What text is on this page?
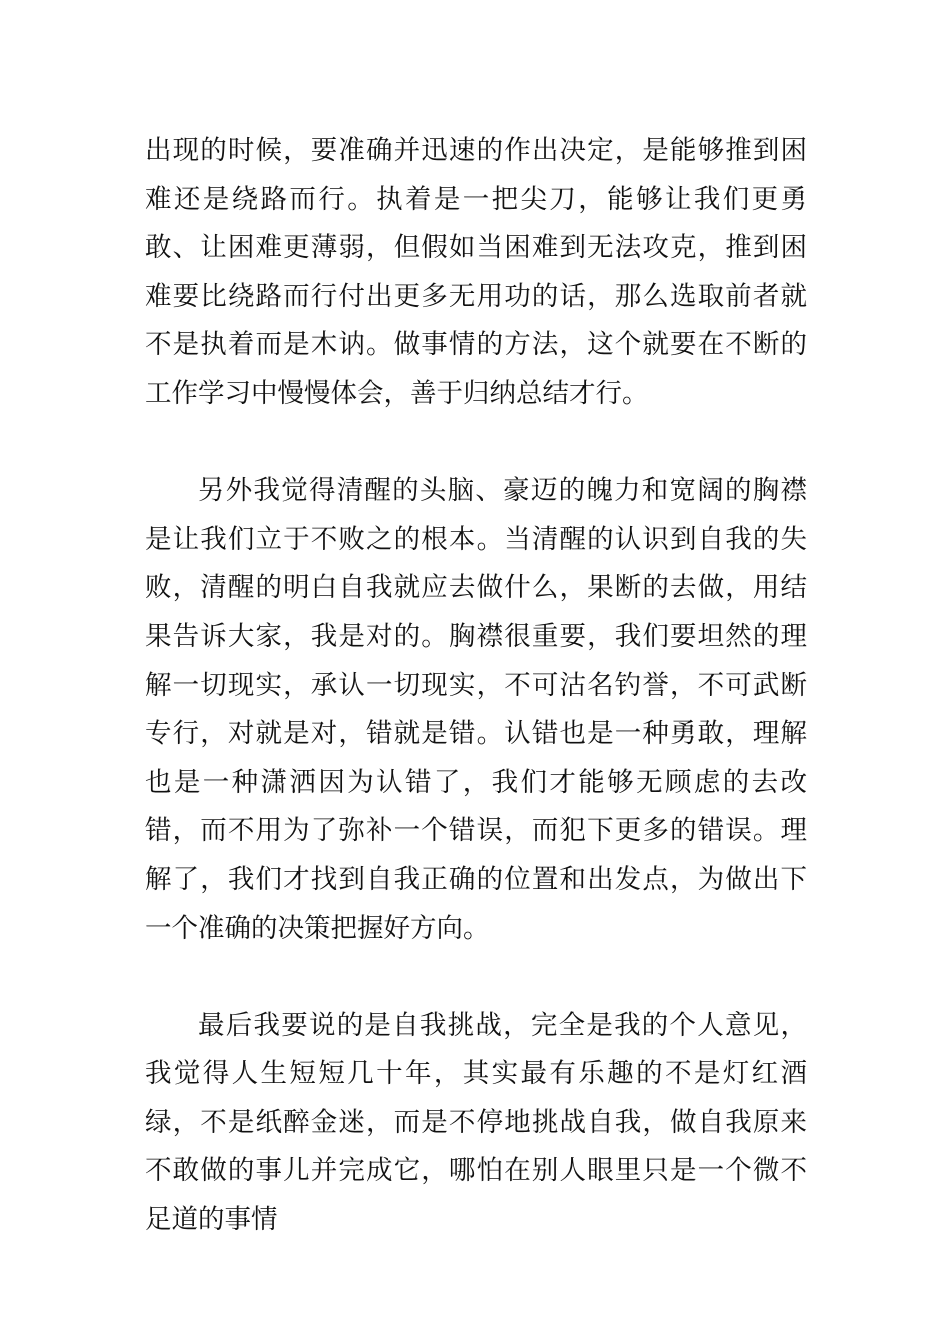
出现的时候，要准确并迅速的作出决定，是能够推到困难还是绕路而行。执着是一把尖刀，能够让我们更勇敢、让困难更薄弱，但假如当困难到无法攻克，推到困难要比绕路而行付出更多无用功的话，那么选取前者就不是执着而是木讷。做事情的方法，这个就要在不断的工作学习中慢慢体会，善于归纳总结才行。

另外我觉得清醒的头脑、豪迈的魄力和宽阔的胸襟是让我们立于不败之的根本。当清醒的认识到自我的失败，清醒的明白自我就应去做什么，果断的去做，用结果告诉大家，我是对的。胸襟很重要，我们要坦然的理解一切现实，承认一切现实，不可沽名钓誉，不可武断专行，对就是对，错就是错。认错也是一种勇敢，理解也是一种潇洒因为认错了，我们才能够无顾虑的去改错，而不用为了弥补一个错误，而犯下更多的错误。理解了，我们才找到自我正确的位置和出发点，为做出下一个准确的决策把握好方向。

最后我要说的是自我挑战，完全是我的个人意见，我觉得人生短短几十年，其实最有乐趣的不是灯红酒绿，不是纸醉金迷，而是不停地挑战自我，做自我原来不敢做的事儿并完成它，哪怕在别人眼里只是一个微不足道的事情
